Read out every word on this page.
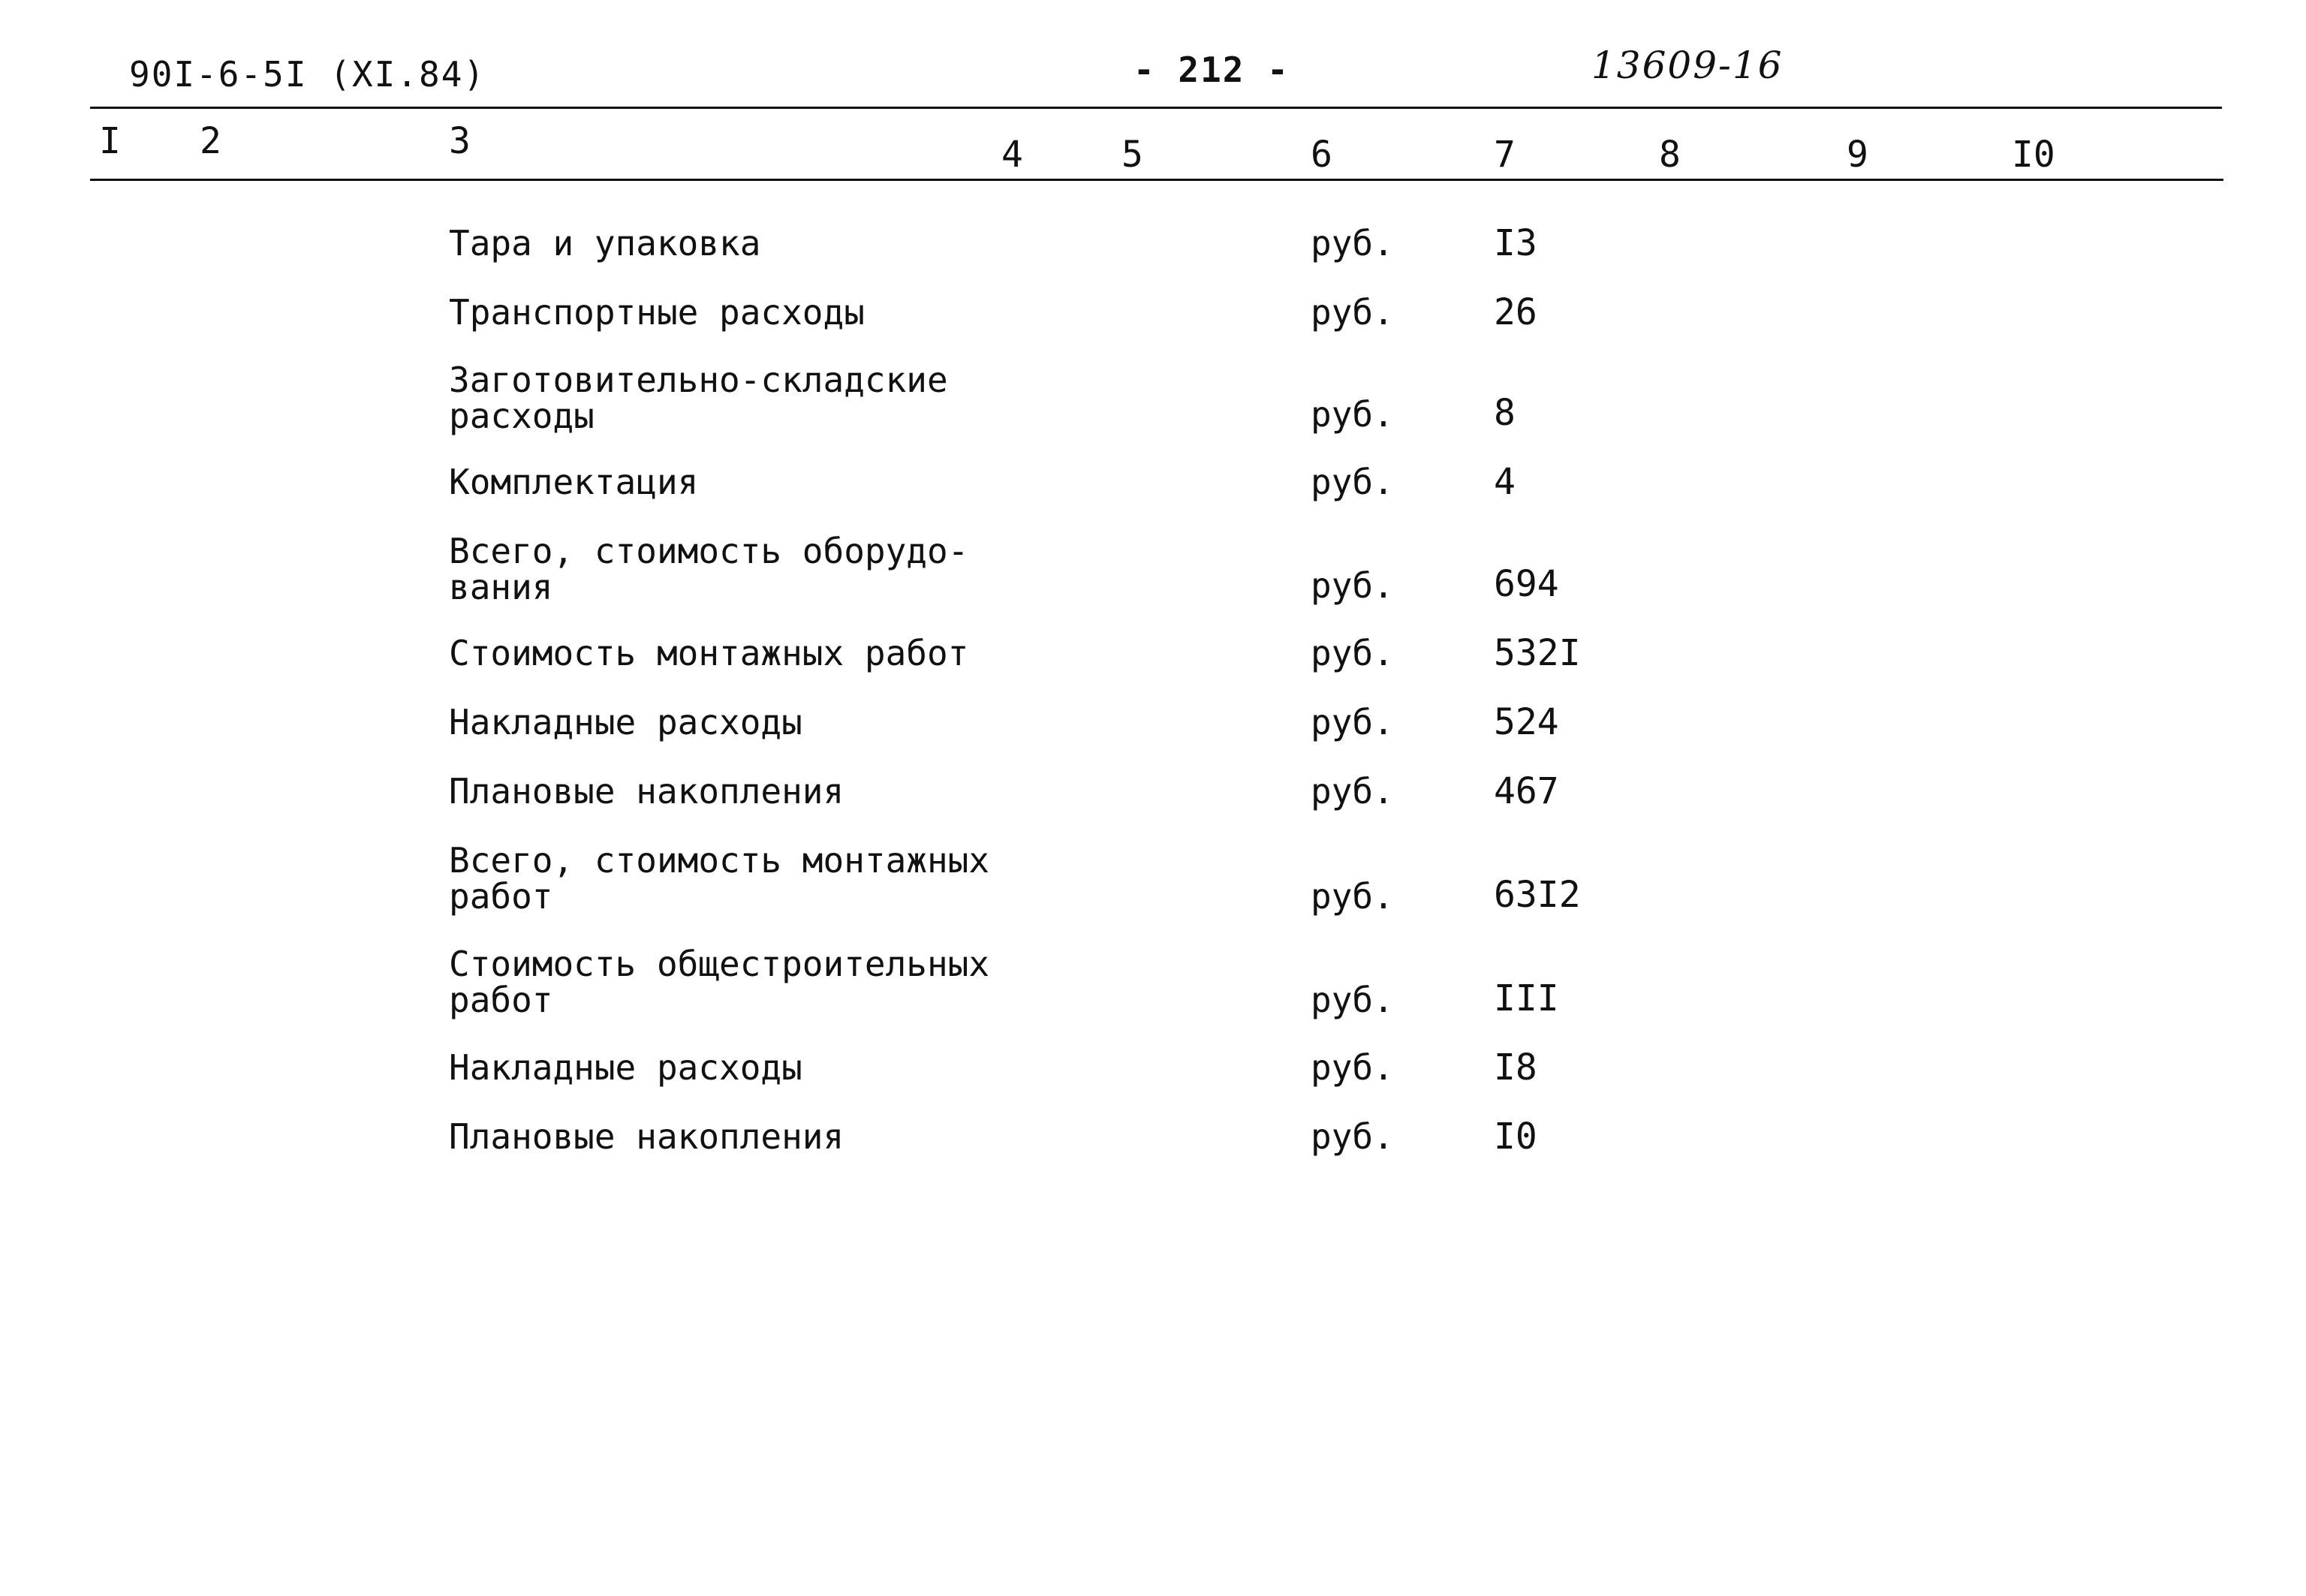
90I-6-5I (XI.84)	- 212 -	13609-16
I 2	3	4	5	6	7	8	9	I0
Тара и упаковка	руб.	I3
Транспортные расходы	руб.	26
Заготовительно-складские
расходы	руб.	8
Комплектация	руб.	4
Всего, стоимость оборудо-
вания	руб.	694
Стоимость монтажных работ	руб.	532I
Накладные расходы	руб.	524
Плановые накопления	руб.	467
Всего, стоимость монтажных
работ	руб.	63I2
Стоимость общестроительных
работ	руб.	III
Накладные расходы	руб.	I8
Плановые накопления	руб.	I0
